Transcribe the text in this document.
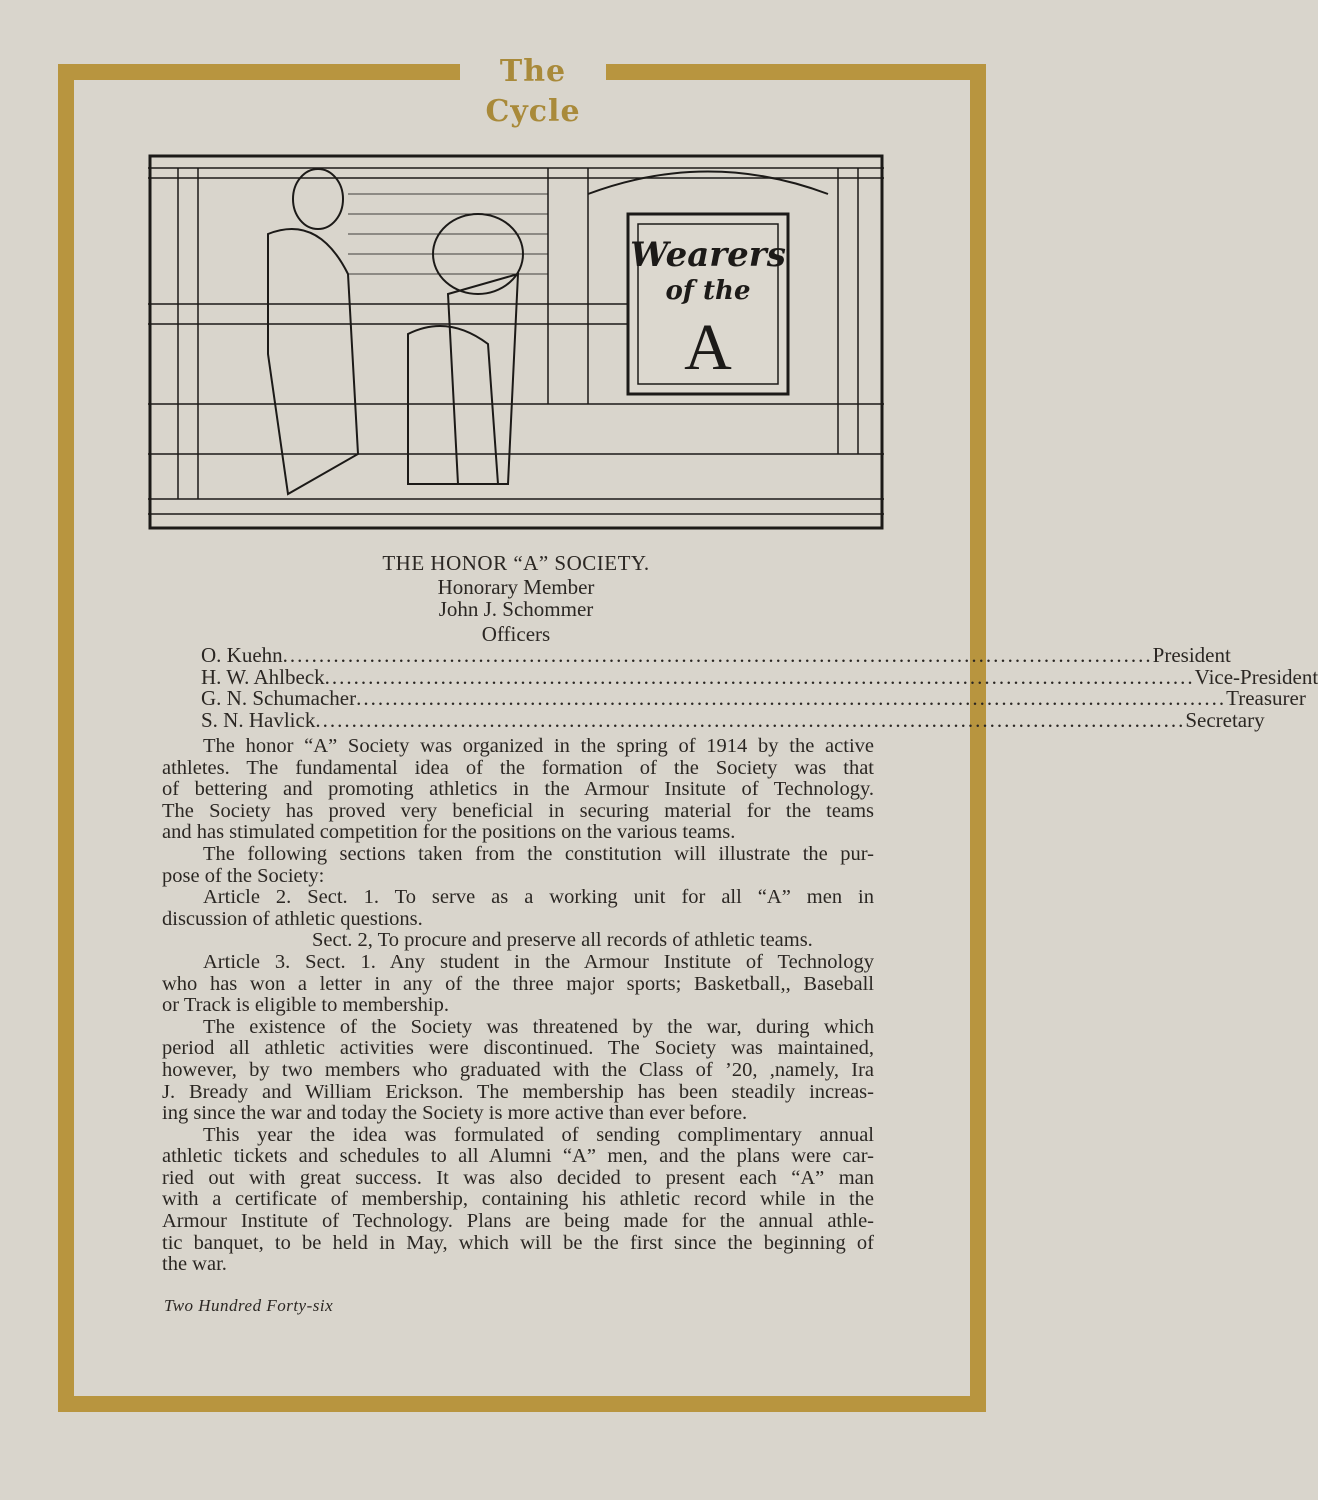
The Cycle
Wearers
of the
A
THE HONOR “A” SOCIETY.
Honorary Member
John J. Schommer
Officers
O. Kuehn ........................................................................................................................ President
H. W. Ahlbeck ........................................................................................................................ Vice-President
G. N. Schumacher ........................................................................................................................ Treasurer
S. N. Havlick ........................................................................................................................ Secretary
The honor “A” Society was organized in the spring of 1914 by the active
athletes. The fundamental idea of the formation of the Society was that
of bettering and promoting athletics in the Armour Insitute of Technology.
The Society has proved very beneficial in securing material for the teams
and has stimulated competition for the positions on the various teams.
The following sections taken from the constitution will illustrate the pur-
pose of the Society:
Article 2. Sect. 1. To serve as a working unit for all “A” men in
discussion of athletic questions.
Sect. 2, To procure and preserve all records of athletic teams.
Article 3. Sect. 1. Any student in the Armour Institute of Technology
who has won a letter in any of the three major sports; Basketball,, Baseball
or Track is eligible to membership.
The existence of the Society was threatened by the war, during which
period all athletic activities were discontinued. The Society was maintained,
however, by two members who graduated with the Class of ’20, ,namely, Ira
J. Bready and William Erickson. The membership has been steadily increas-
ing since the war and today the Society is more active than ever before.
This year the idea was formulated of sending complimentary annual
athletic tickets and schedules to all Alumni “A” men, and the plans were car-
ried out with great success. It was also decided to present each “A” man
with a certificate of membership, containing his athletic record while in the
Armour Institute of Technology. Plans are being made for the annual athle-
tic banquet, to be held in May, which will be the first since the beginning of
the war.
Two Hundred Forty-six
